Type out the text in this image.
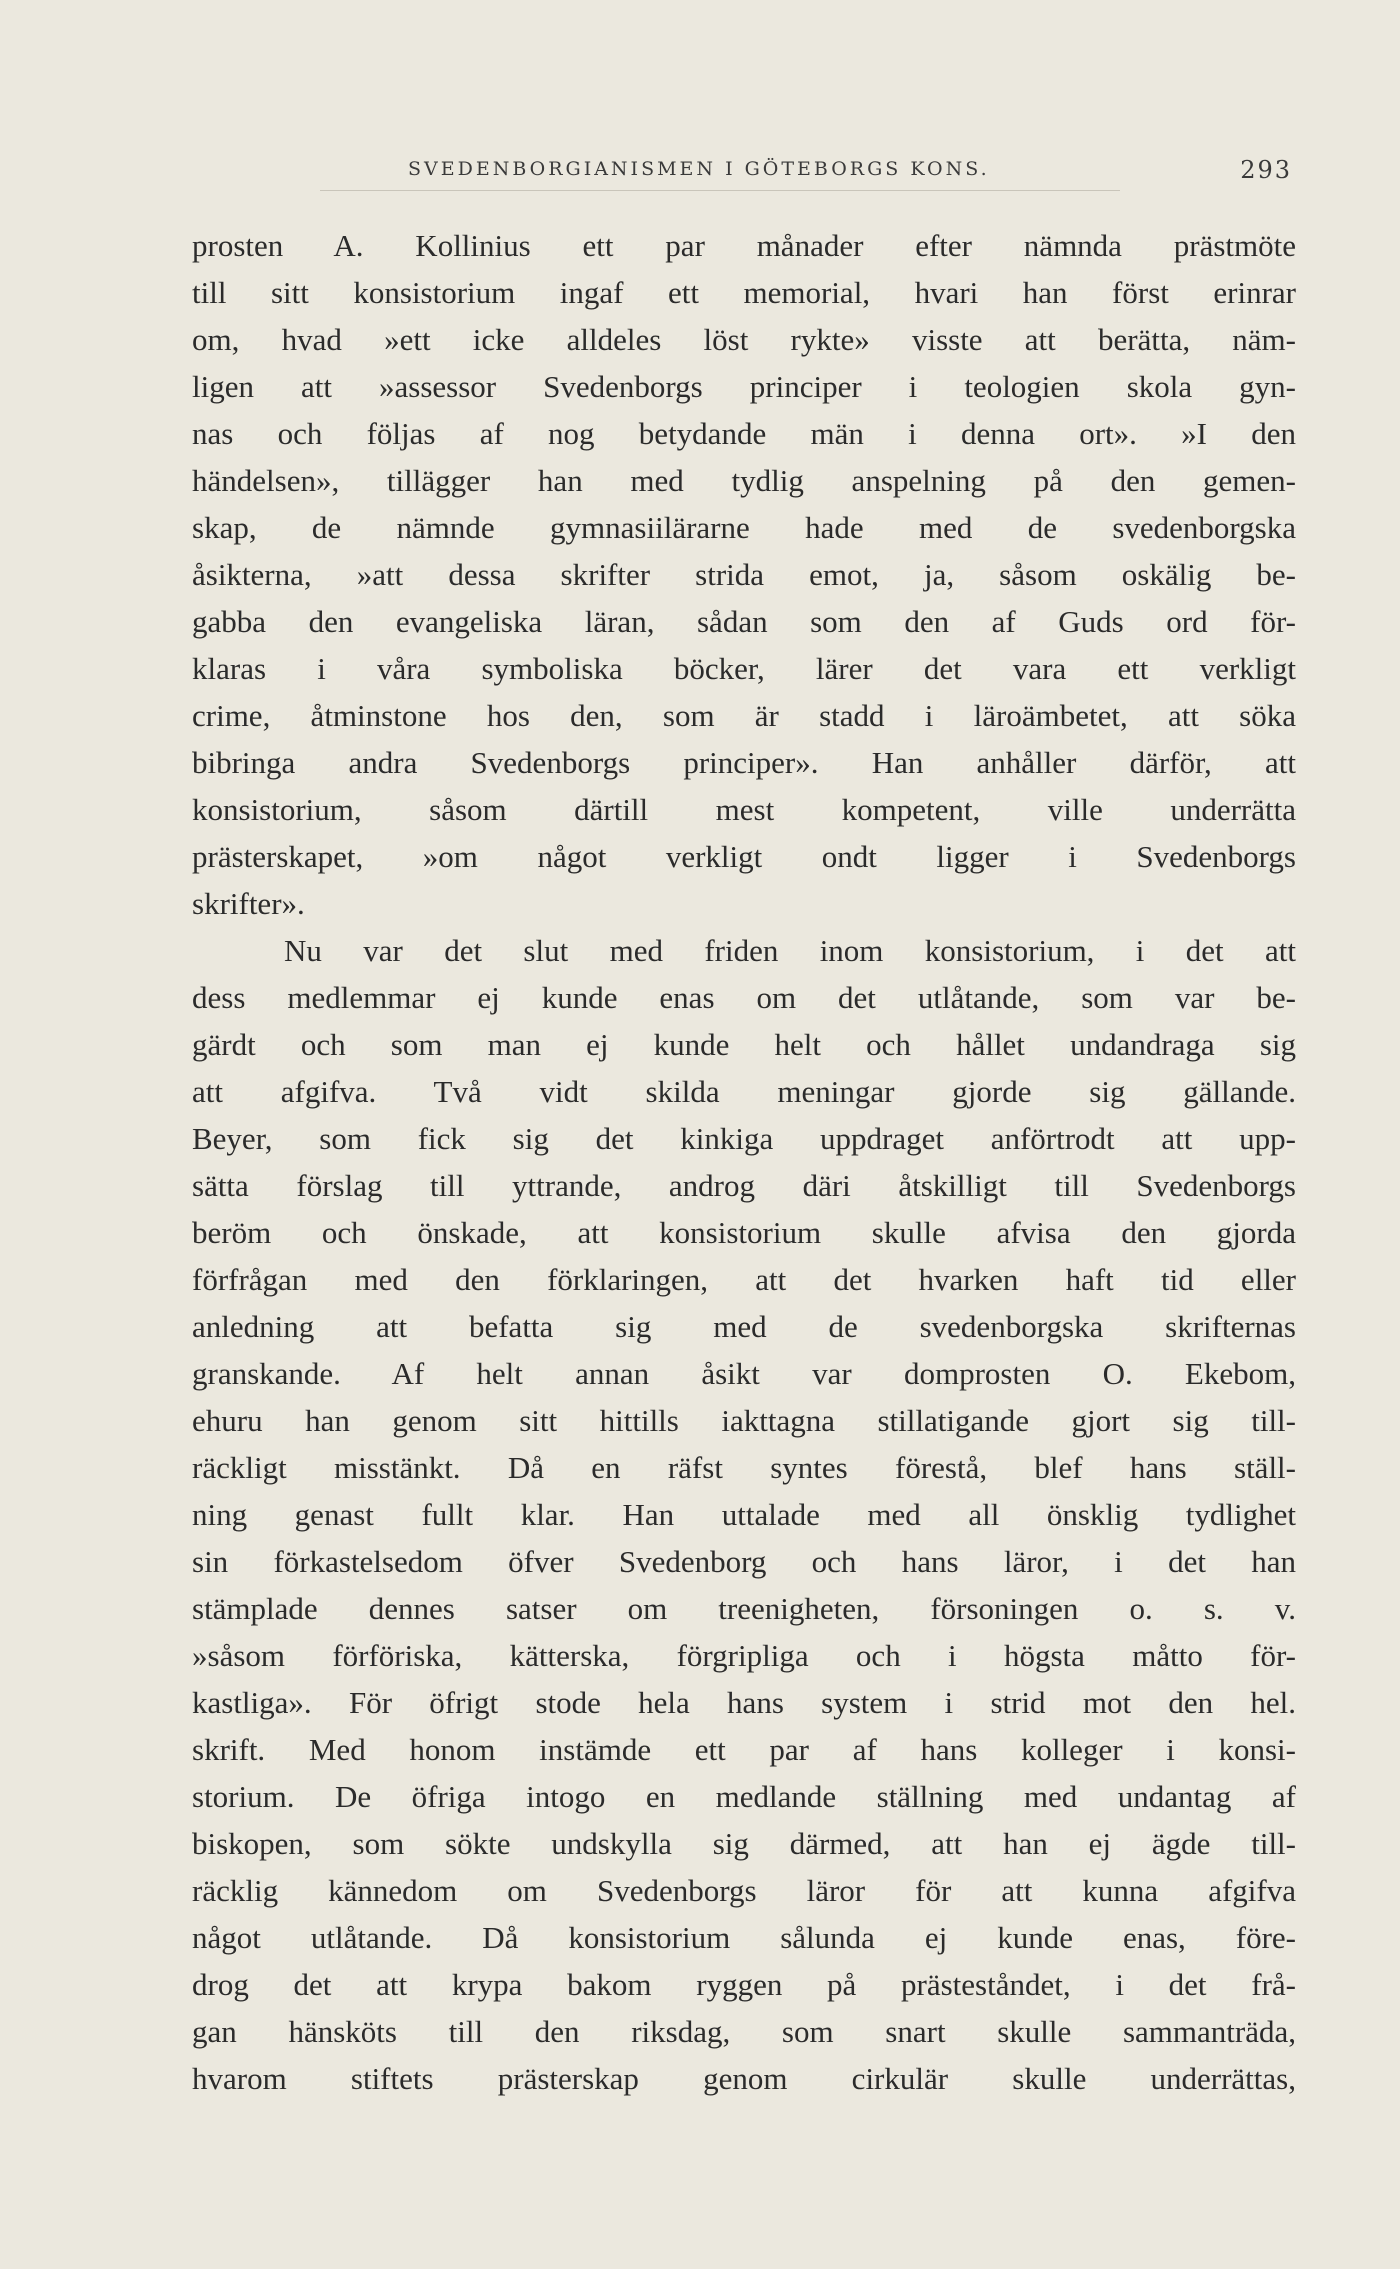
SVEDENBORGIANISMEN I GÖTEBORGS KONS.	293
prosten A. Kollinius ett par månader efter nämnda prästmöte
till sitt konsistorium ingaf ett memorial, hvari han först erinrar
om, hvad »ett icke alldeles löst rykte» visste att berätta, näm-
ligen att »assessor Svedenborgs principer i teologien skola gyn-
nas och följas af nog betydande män i denna ort». »I den
händelsen», tillägger han med tydlig anspelning på den gemen-
skap, de nämnde gymnasiilärarne hade med de svedenborgska
åsikterna, »att dessa skrifter strida emot, ja, såsom oskälig be-
gabba den evangeliska läran, sådan som den af Guds ord för-
klaras i våra symboliska böcker, lärer det vara ett verkligt
crime, åtminstone hos den, som är stadd i läroämbetet, att söka
bibringa andra Svedenborgs principer». Han anhåller därför, att
konsistorium, såsom därtill mest kompetent, ville underrätta
prästerskapet, »om något verkligt ondt ligger i Svedenborgs
skrifter».
Nu var det slut med friden inom konsistorium, i det att
dess medlemmar ej kunde enas om det utlåtande, som var be-
gärdt och som man ej kunde helt och hållet undandraga sig
att afgifva. Två vidt skilda meningar gjorde sig gällande.
Beyer, som fick sig det kinkiga uppdraget anförtrodt att upp-
sätta förslag till yttrande, androg däri åtskilligt till Svedenborgs
beröm och önskade, att konsistorium skulle afvisa den gjorda
förfrågan med den förklaringen, att det hvarken haft tid eller
anledning att befatta sig med de svedenborgska skrifternas
granskande. Af helt annan åsikt var domprosten O. Ekebom,
ehuru han genom sitt hittills iakttagna stillatigande gjort sig till-
räckligt misstänkt. Då en räfst syntes förestå, blef hans ställ-
ning genast fullt klar. Han uttalade med all önsklig tydlighet
sin förkastelsedom öfver Svedenborg och hans läror, i det han
stämplade dennes satser om treenigheten, försoningen o. s. v.
»såsom förföriska, kätterska, förgripliga och i högsta måtto för-
kastliga». För öfrigt stode hela hans system i strid mot den hel.
skrift. Med honom instämde ett par af hans kolleger i konsi-
storium. De öfriga intogo en medlande ställning med undantag af
biskopen, som sökte undskylla sig därmed, att han ej ägde till-
räcklig kännedom om Svedenborgs läror för att kunna afgifva
något utlåtande. Då konsistorium sålunda ej kunde enas, före-
drog det att krypa bakom ryggen på prästeståndet, i det frå-
gan hänsköts till den riksdag, som snart skulle sammanträda,
hvarom stiftets prästerskap genom cirkulär skulle underrättas,
